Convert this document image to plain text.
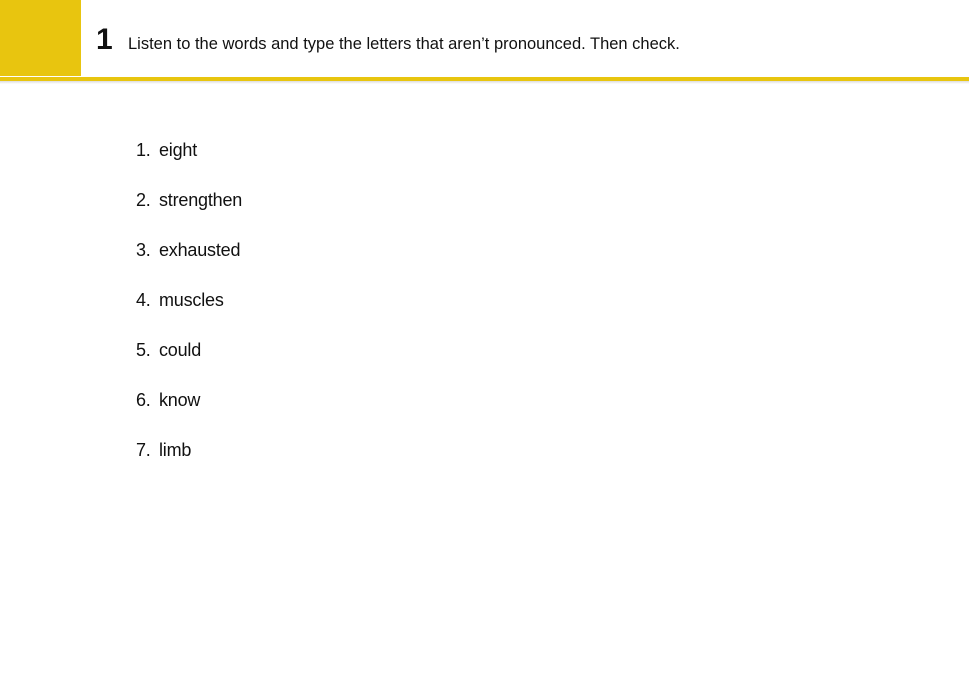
1 Listen to the words and type the letters that aren’t pronounced. Then check.
1. eight
2. strengthen
3. exhausted
4. muscles
5. could
6. know
7. limb
